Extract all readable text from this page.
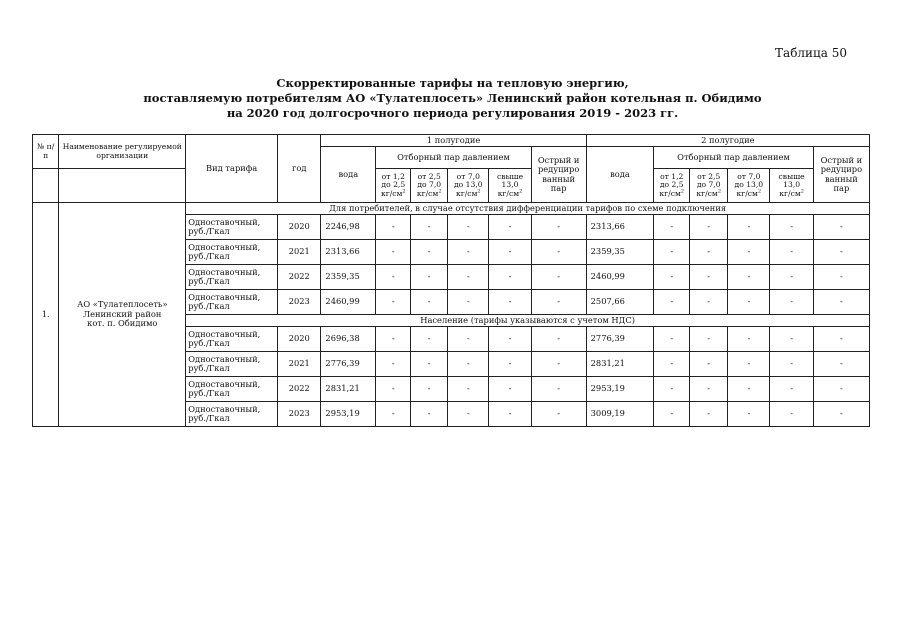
Таблица 50
Скорректированные тарифы на тепловую энергию,
поставляемую потребителям АО «Тулатеплосеть» Ленинский район котельная п. Обидимо
на 2020 год долгосрочного периода регулирования 2019 - 2023 гг.
№ п/п	Наименование регулируемой организации	Вид тарифа	год	1 полугодие						2 полугодие					
				вода	Отборный пар давлением				Острый и редуциро ванный пар	вода	Отборный пар давлением				Острый и редуциро ванный пар
					от 1,2
до 2,5
$кг/см^2$	от 2,5
до 7,0
$кг/см^2$	от 7,0
до 13,0
$кг/см^2$	свыше
13,0
$кг/см^2$			от 1,2
до 2,5
$кг/см^2$	от 2,5
до 7,0
$кг/см^2$	от 7,0
до 13,0
$кг/см^2$	свыше
13,0
$кг/см^2$
1.	АО «Тулатеплосеть»
Ленинский район
кот. п. Обидимо	Для потребителей, в случае отсутствия дифференциации тарифов по схеме подключения													
		Одноставочный,
руб./Гкал	2020	2246,98	-	-	-	-	-	2313,66	-	-	-	-	-
		Одноставочный,
руб./Гкал	2021	2313,66	-	-	-	-	-	2359,35	-	-	-	-	-
		Одноставочный,
руб./Гкал	2022	2359,35	-	-	-	-	-	2460,99	-	-	-	-	-
		Одноставочный,
руб./Гкал	2023	2460,99	-	-	-	-	-	2507,66	-	-	-	-	-
		Население (тарифы указываются с учетом НДС)													
		Одноставочный,
руб./Гкал	2020	2696,38	-	-	-	-	-	2776,39	-	-	-	-	-
		Одноставочный,
руб./Гкал	2021	2776,39	-	-	-	-	-	2831,21	-	-	-	-	-
		Одноставочный,
руб./Гкал	2022	2831,21	-	-	-	-	-	2953,19	-	-	-	-	-
		Одноставочный,
руб./Гкал	2023	2953,19	-	-	-	-	-	3009,19	-	-	-	-	-
